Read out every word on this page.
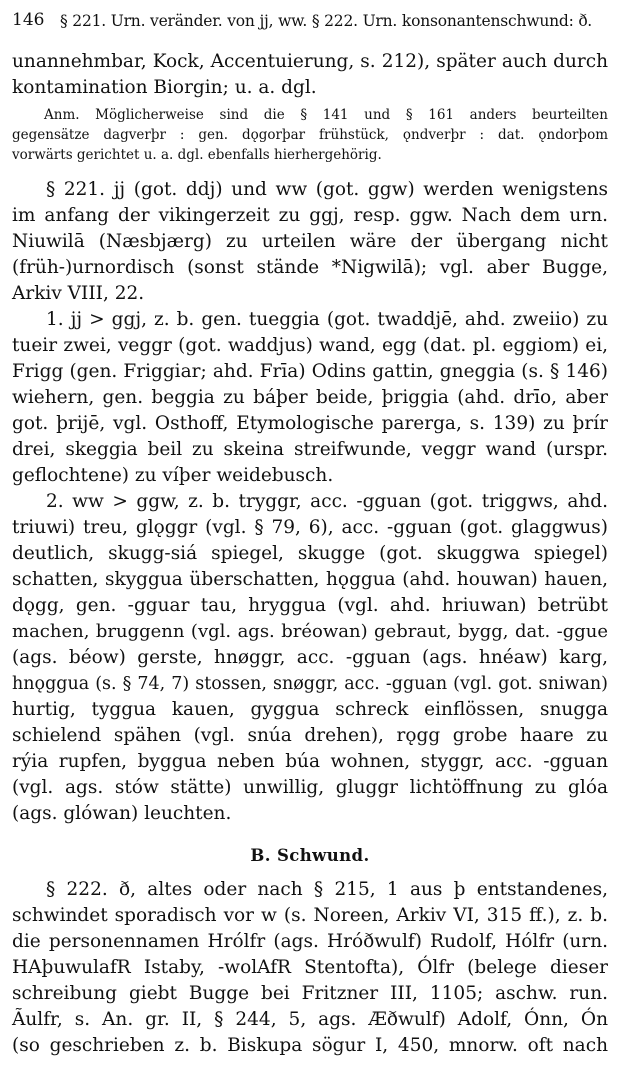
146 § 221. Urn. veränder. von jj, ww. § 222. Urn. konsonantenschwund: ð.
unannehmbar, Kock, Accentuierung, s. 212), später auch durch
kontamination Biorgin; u. a. dgl.
Anm. Möglicherweise sind die § 141 und § 161 anders beurteilten
gegensätze dagverþr : gen. dǫgorþar frühstück, ǫndverþr : dat. ǫndorþom
vorwärts gerichtet u. a. dgl. ebenfalls hierhergehörig.
§ 221. jj (got. ddj) und ww (got. ggw) werden wenigstens
im anfang der vikingerzeit zu ggj, resp. ggw. Nach dem urn.
Niuwilā (Næsbjærg) zu urteilen wäre der übergang nicht
(früh-)urnordisch (sonst stände *Nigwilā); vgl. aber Bugge,
Arkiv VIII, 22.
1. jj > ggj, z. b. gen. tueggia (got. twaddjē, ahd. zweiio) zu
tueir zwei, veggr (got. waddjus) wand, egg (dat. pl. eggiom) ei,
Frigg (gen. Friggiar; ahd. Frīa) Odins gattin, gneggia (s. § 146)
wiehern, gen. beggia zu báþer beide, þriggia (ahd. drīo, aber
got. þrijē, vgl. Osthoff, Etymologische parerga, s. 139) zu þrír
drei, skeggia beil zu skeina streifwunde, veggr wand (urspr.
geflochtene) zu víþer weidebusch.
2. ww > ggw, z. b. tryggr, acc. -gguan (got. triggws, ahd.
triuwi) treu, glǫggr (vgl. § 79, 6), acc. -gguan (got. glaggwus)
deutlich, skugg-siá spiegel, skugge (got. skuggwa spiegel)
schatten, skyggua überschatten, hǫggua (ahd. houwan) hauen,
dǫgg, gen. -gguar tau, hryggua (vgl. ahd. hriuwan) betrübt
machen, bruggenn (vgl. ags. bréowan) gebraut, bygg, dat. -ggue
(ags. béow) gerste, hnøggr, acc. -gguan (ags. hnéaw) karg,
hnǫggua (s. § 74, 7) stossen, snøggr, acc. -gguan (vgl. got. sniwan)
hurtig, tyggua kauen, gyggua schreck einflössen, snugga
schielend spähen (vgl. snúa drehen), rǫgg grobe haare zu
rýia rupfen, byggua neben búa wohnen, styggr, acc. -gguan
(vgl. ags. stów stätte) unwillig, gluggr lichtöffnung zu glóa
(ags. glówan) leuchten.
B. Schwund.
§ 222. ð, altes oder nach § 215, 1 aus þ entstandenes,
schwindet sporadisch vor w (s. Noreen, Arkiv VI, 315 ff.), z. b.
die personennamen Hrólfr (ags. Hróðwulf) Rudolf, Hólfr (urn.
HAþuwulafR Istaby, -wolAfR Stentofta), Ólfr (belege dieser
schreibung giebt Bugge bei Fritzner III, 1105; aschw. run.
Ãulfr, s. An. gr. II, § 244, 5, ags. Æðwulf) Adolf, Ónn, Ón
(so geschrieben z. b. Biskupa sögur I, 450, mnorw. oft nach
